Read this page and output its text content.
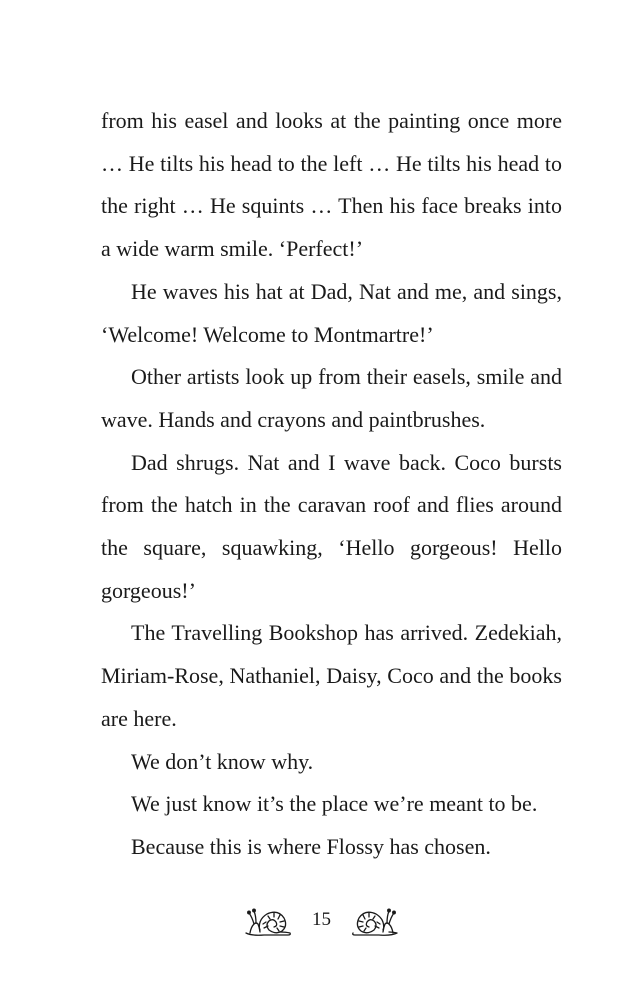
from his easel and looks at the painting once more … He tilts his head to the left … He tilts his head to the right … He squints … Then his face breaks into a wide warm smile. ‘Perfect!’

He waves his hat at Dad, Nat and me, and sings, ‘Welcome! Welcome to Montmartre!’

Other artists look up from their easels, smile and wave. Hands and crayons and paintbrushes.

Dad shrugs. Nat and I wave back. Coco bursts from the hatch in the caravan roof and flies around the square, squawking, ‘Hello gorgeous! Hello gorgeous!’

The Travelling Bookshop has arrived. Zedekiah, Miriam-Rose, Nathaniel, Daisy, Coco and the books are here.

We don’t know why.

We just know it’s the place we’re meant to be.

Because this is where Flossy has chosen.

15
